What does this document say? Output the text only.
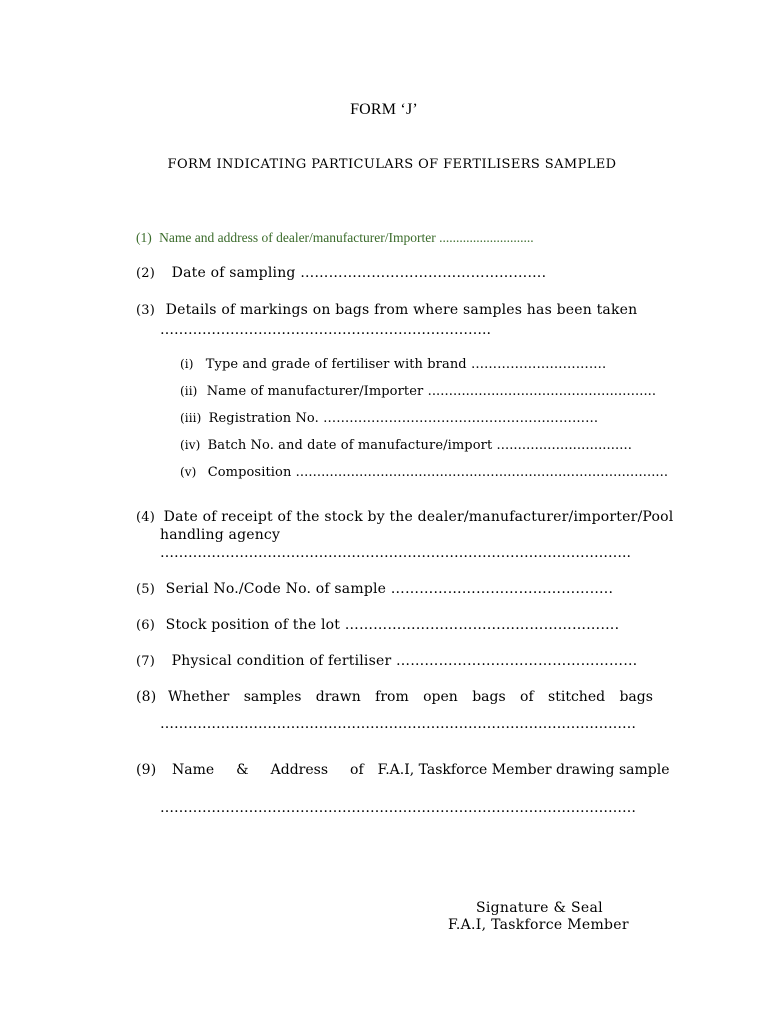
FORM ‘J’
FORM INDICATING PARTICULARS OF FERTILISERS SAMPLED
(1) Name and address of dealer/manufacturer/Importer ............................
(2) Date of sampling …………………………………………….
(3) Details of markings on bags from where samples has been taken
……………………………………………………………..
(i) Type and grade of fertiliser with brand ………………………….
(ii) Name of manufacturer/Importer ......................................................
(iii) Registration No. ………………………………………………………
(iv) Batch No. and date of manufacture/import ................................
(v) Composition ........................................................................................
(4) Date of receipt of the stock by the dealer/manufacturer/importer/Pool
handling agency
………………………………………………………………………………………..
(5) Serial No./Code No. of sample ………………………………………..
(6) Stock position of the lot ………………………………………………….
(7) Physical condition of fertiliser ……………………………………………
(8) Whether samples drawn from open bags of stitched bags
…………………………………………………………………………………………
(9) Name & Address of F.A.I, Taskforce Member drawing sample
…………………………………………………………………………………………
Signature & Seal
F.A.I, Taskforce Member
